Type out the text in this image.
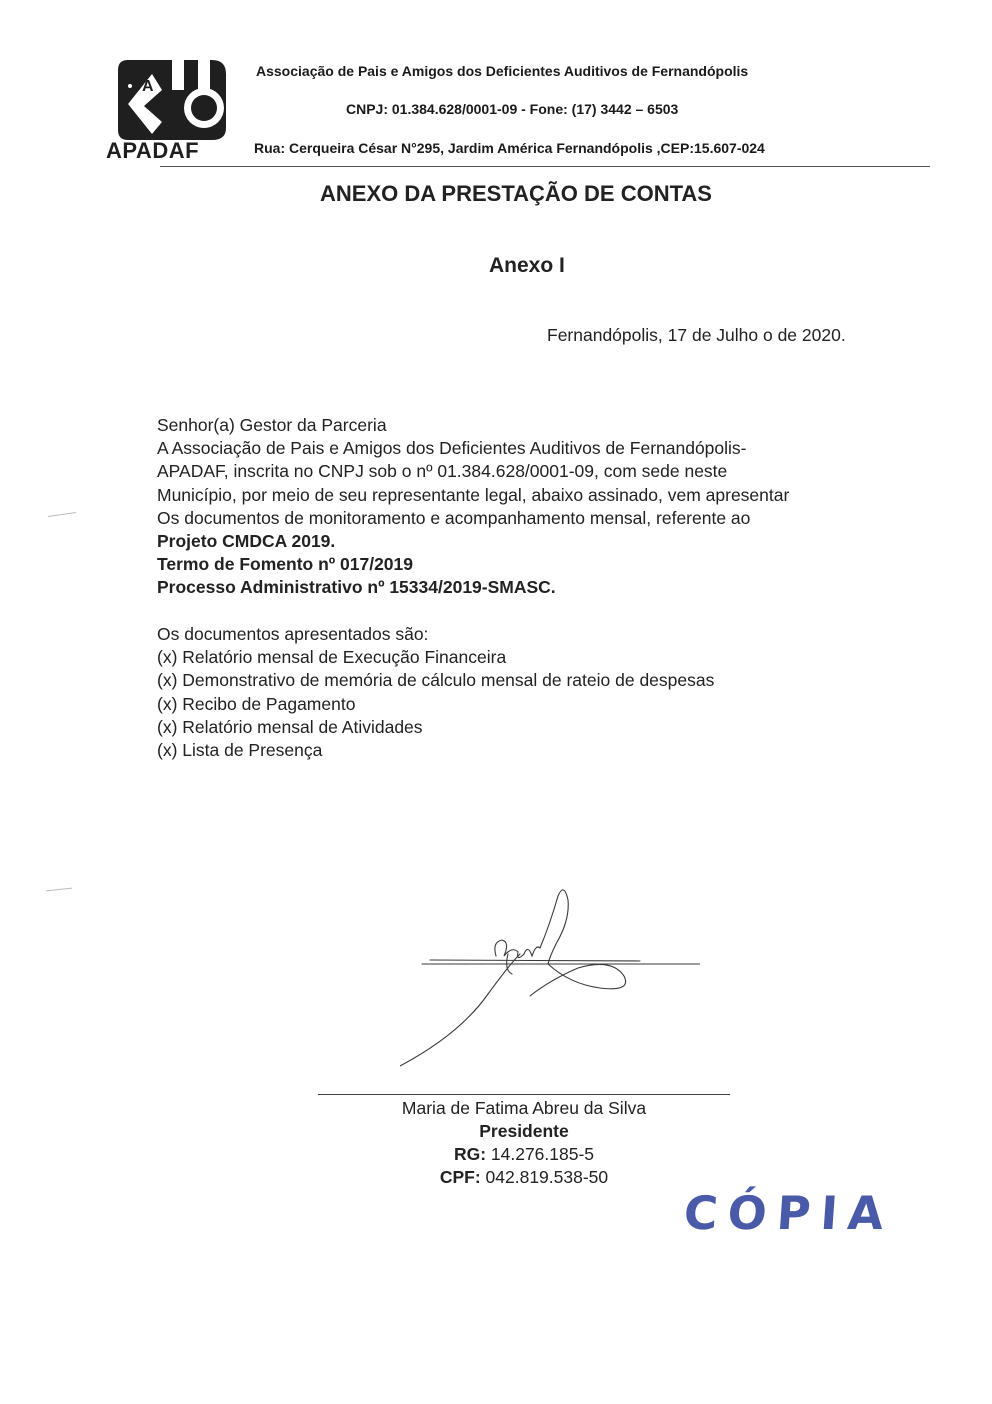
A
APADAF
Associação de Pais e Amigos dos Deficientes Auditivos de Fernandópolis
CNPJ: 01.384.628/0001-09 - Fone: (17) 3442 – 6503
Rua: Cerqueira César N°295, Jardim América Fernandópolis ,CEP:15.607-024
ANEXO DA PRESTAÇÃO DE CONTAS
Anexo I
Fernandópolis, 17 de Julho o de 2020.
Senhor(a) Gestor da Parceria
A Associação de Pais e Amigos dos Deficientes Auditivos de Fernandópolis-
APADAF, inscrita no CNPJ sob o nº 01.384.628/0001-09, com sede neste
Município, por meio de seu representante legal, abaixo assinado, vem apresentar
Os documentos de monitoramento e acompanhamento mensal, referente ao
Projeto CMDCA 2019.
Termo de Fomento nº 017/2019
Processo Administrativo nº 15334/2019-SMASC.
Os documentos apresentados são:
(x) Relatório mensal de Execução Financeira
(x) Demonstrativo de memória de cálculo mensal de rateio de despesas
(x) Recibo de Pagamento
(x) Relatório mensal de Atividades
(x) Lista de Presença
Maria de Fatima Abreu da Silva
Presidente
RG: 14.276.185-5
CPF: 042.819.538-50
CÓPIA
